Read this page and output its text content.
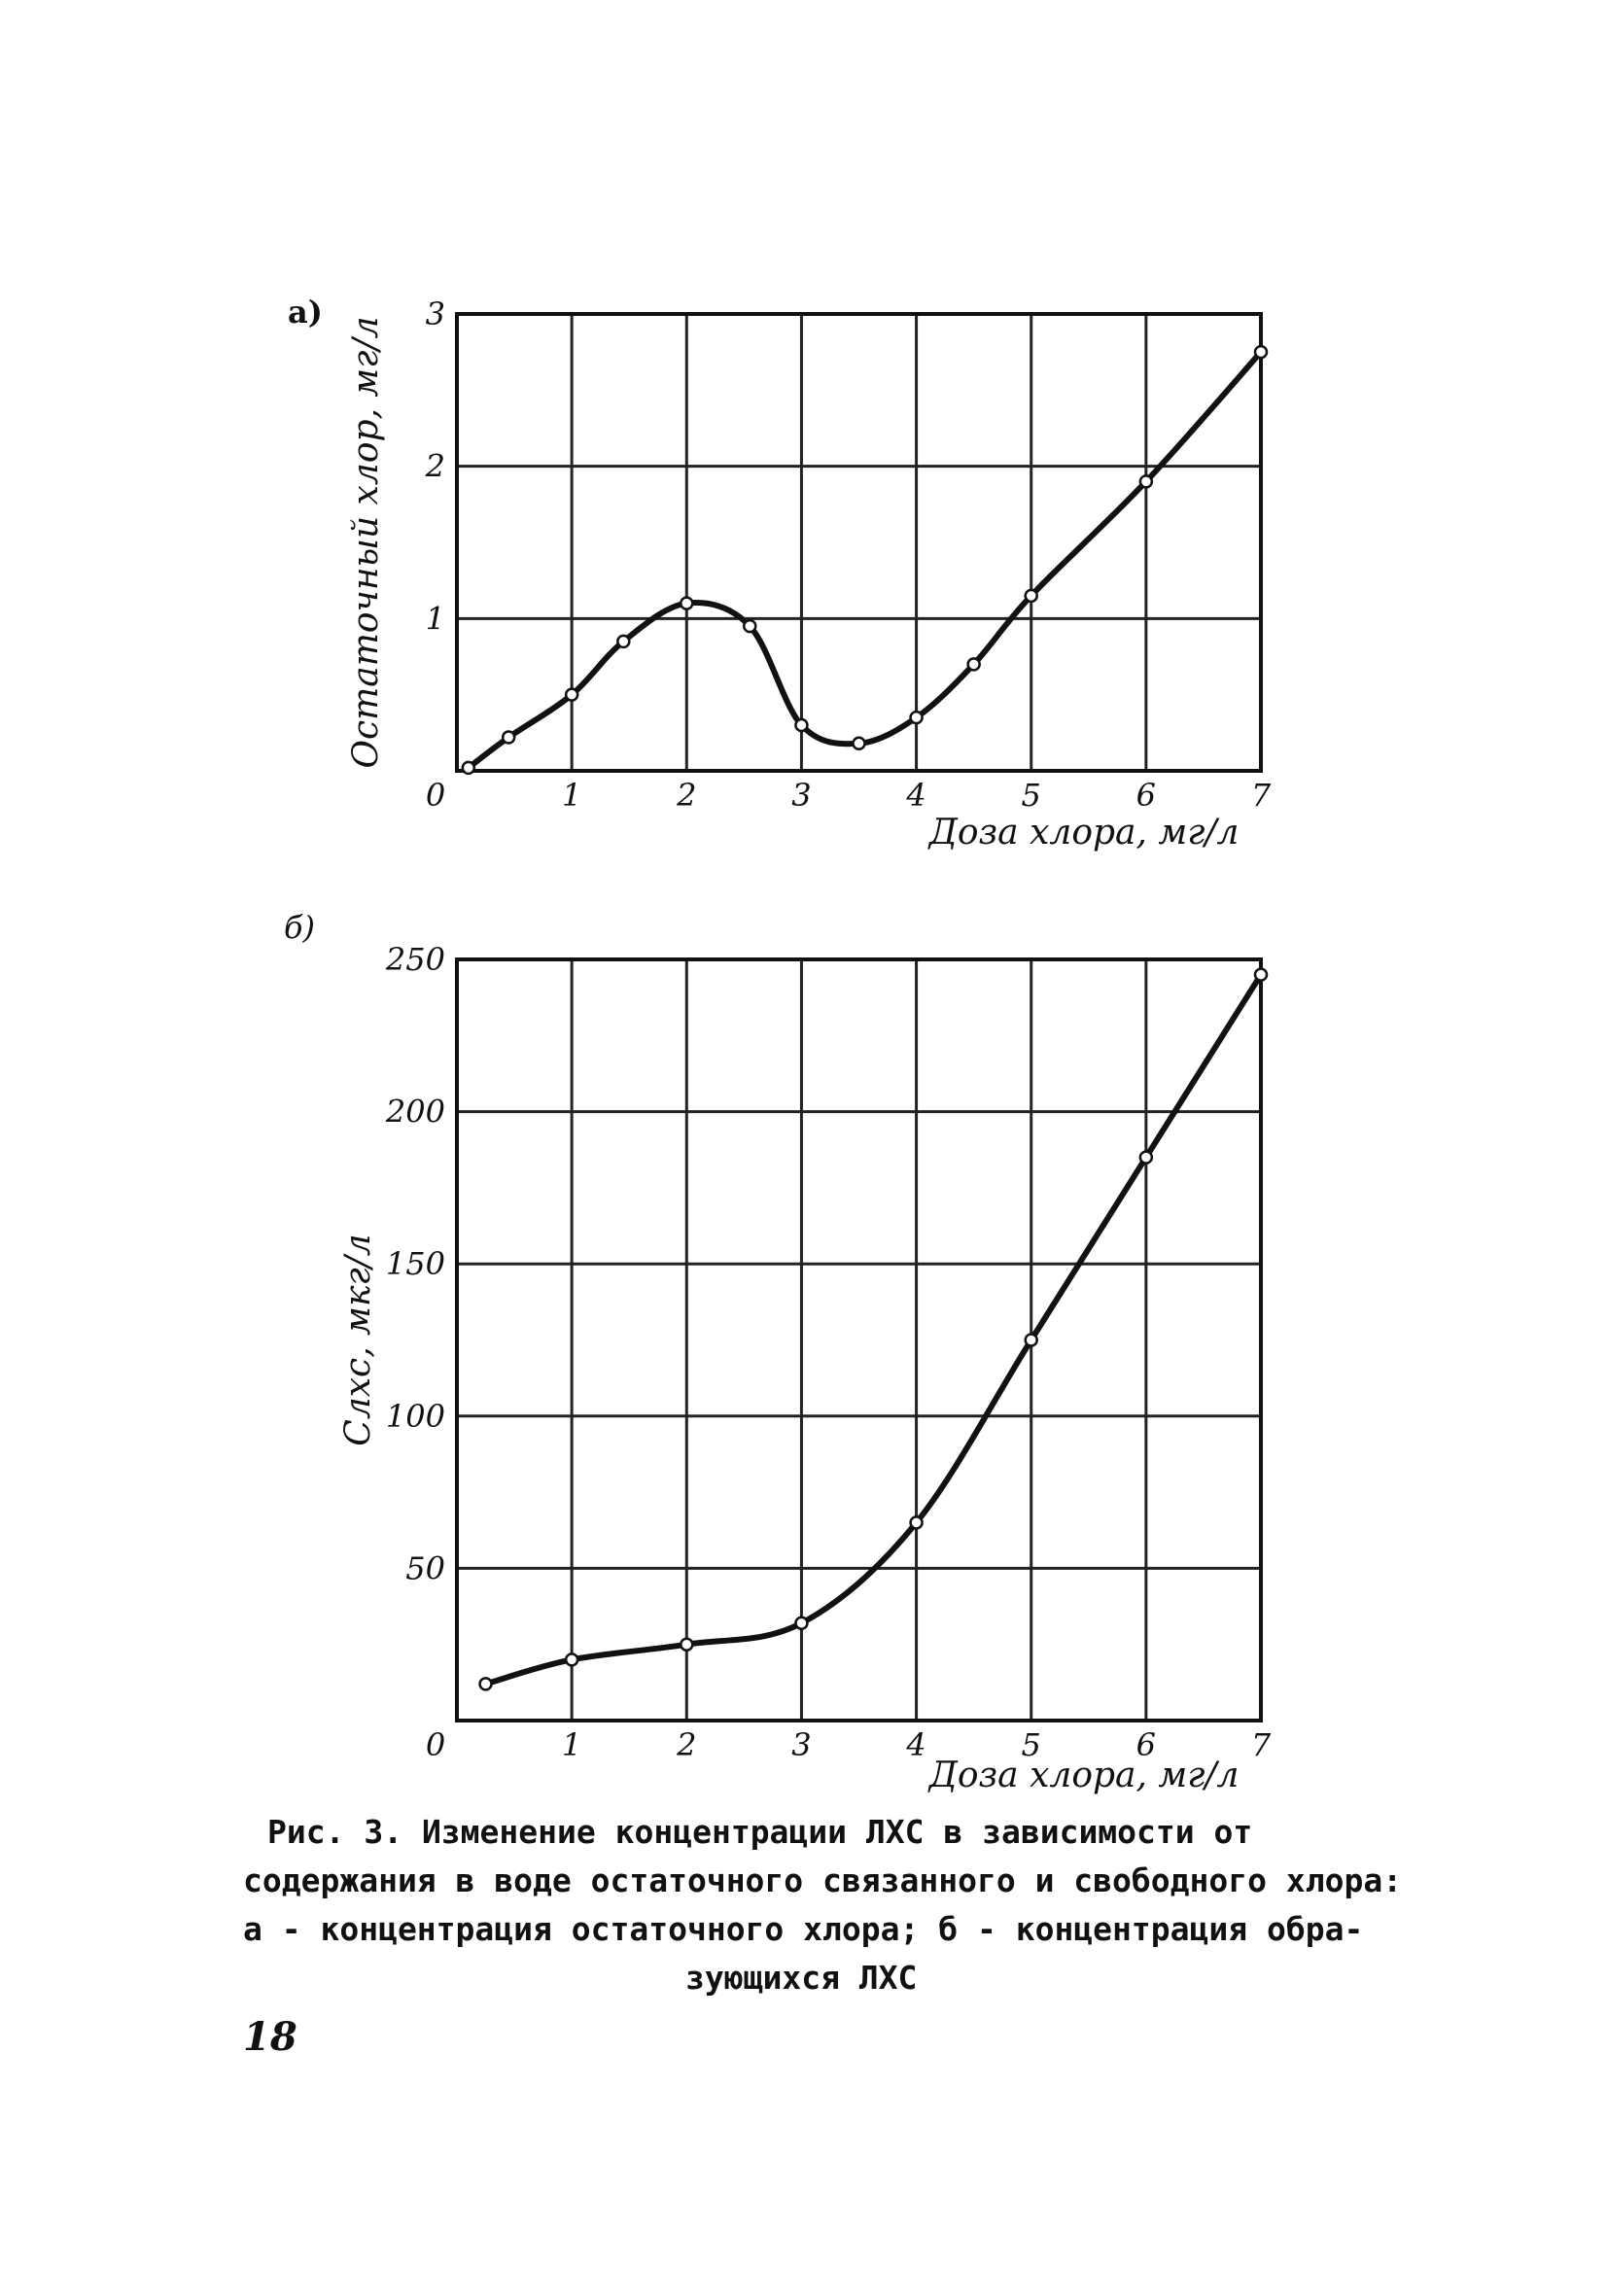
0	1	2	3	4	5	6	7
1
2
3
Доза хлора, мг/л
Остаточный хлор, мг/л
0	1	2	3	4	5	6	7
50
100
150
200
250
Доза хлора, мг/л
Слхс, мкг/л
а)
б)
Рис. 3. Изменение концентрации ЛХС в зависимости от
содержания в воде остаточного связанного и свободного хлора:
а - концентрация остаточного хлора; б - концентрация обра-
зующихся ЛХС
18
